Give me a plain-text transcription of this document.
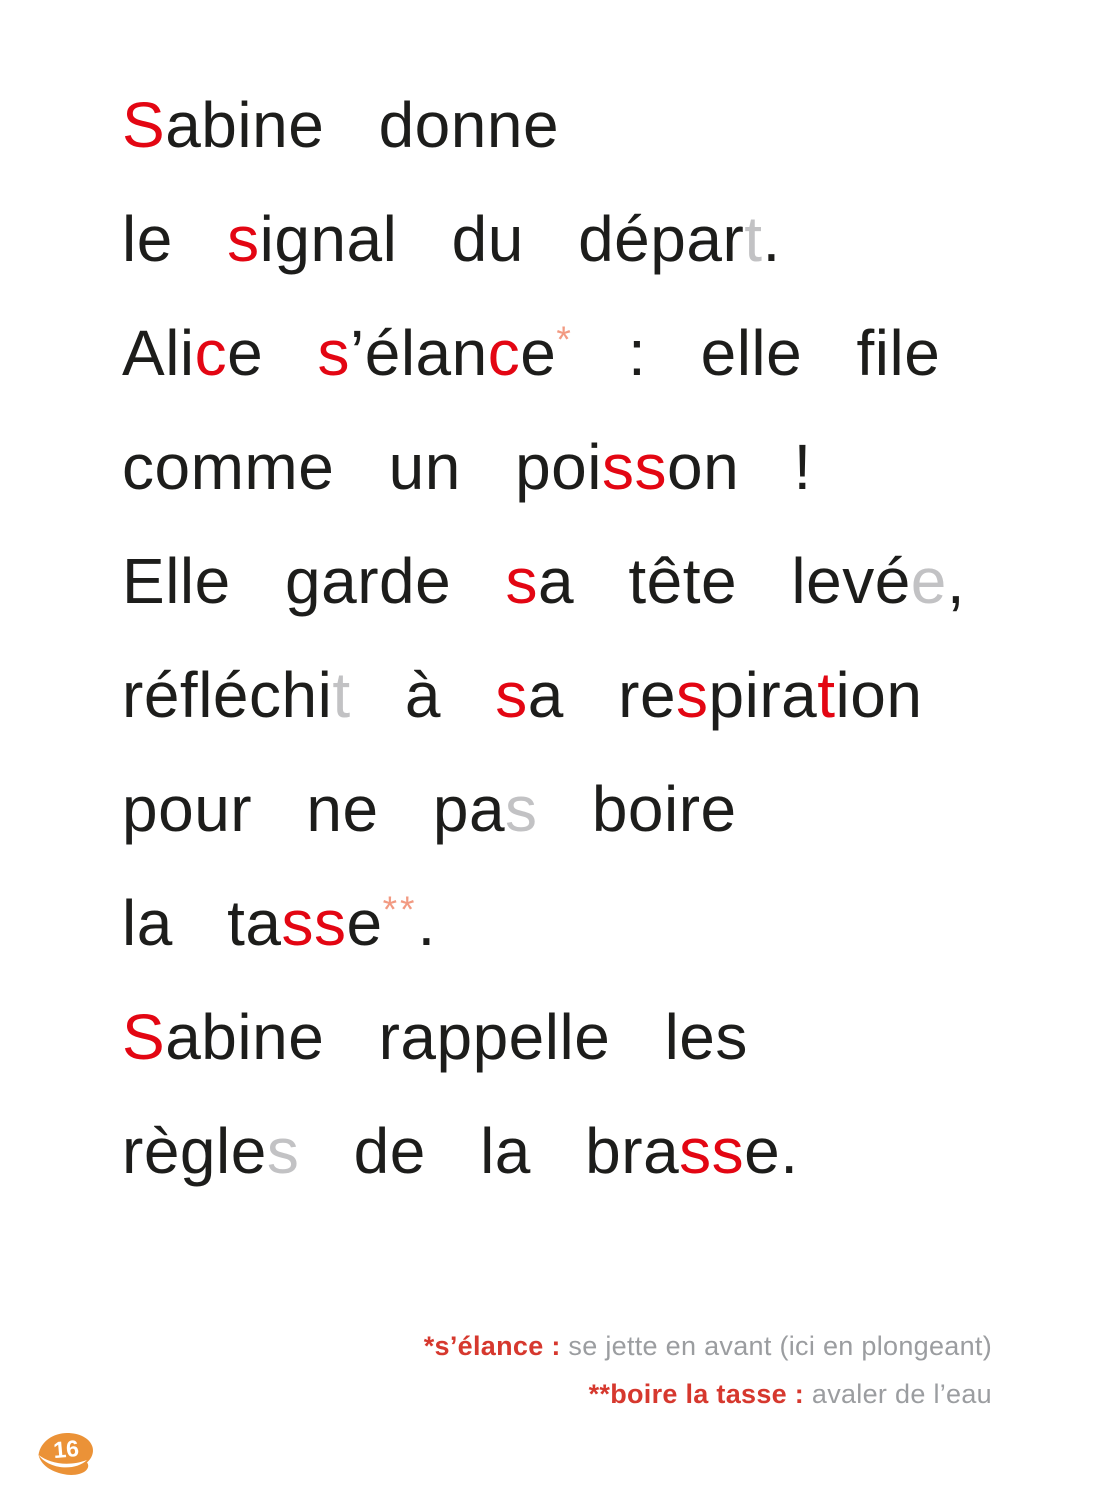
Sabine donne
le signal du départ.
Alice s’élance* : elle file
comme un poisson !
Elle garde sa tête levée,
réfléchit à sa respiration
pour ne pas boire
la tasse**.
Sabine rappelle les
règles de la brasse.
*s’élance : se jette en avant (ici en plongeant)
**boire la tasse : avaler de l’eau
16
